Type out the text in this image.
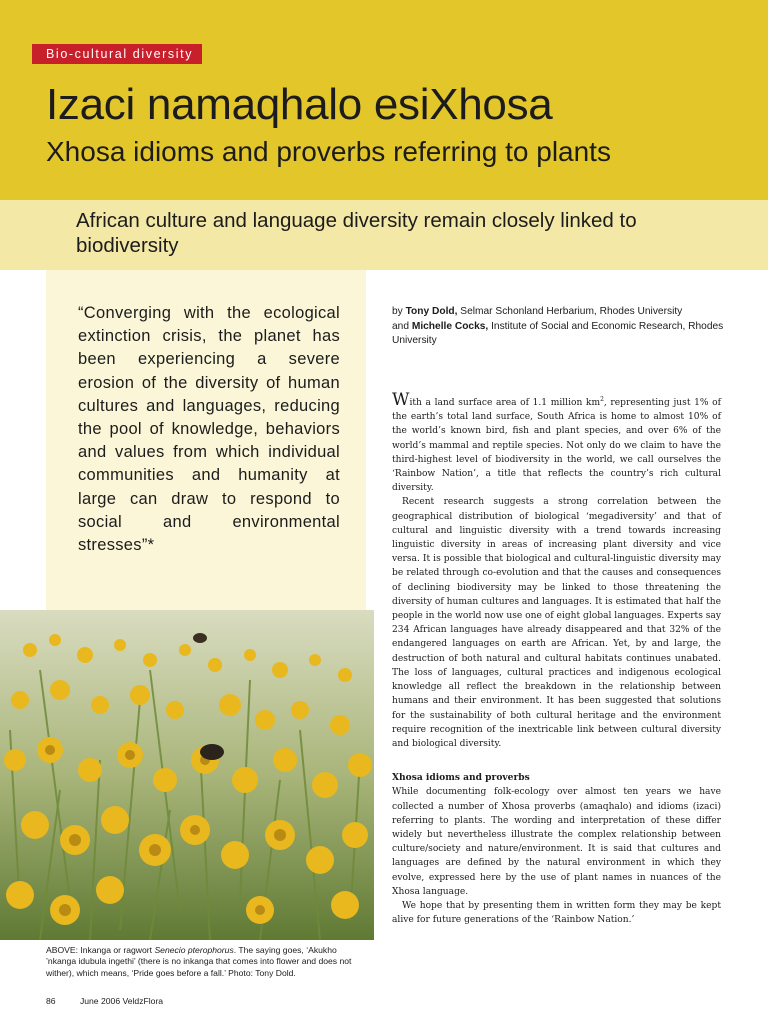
Bio-cultural diversity
Izaci namaqhalo esiXhosa
Xhosa idioms and proverbs referring to plants

African culture and language diversity remain closely linked to biodiversity

“Converging with the ecological extinction crisis, the planet has been experiencing a severe erosion of the diversity of human cultures and languages, reducing the pool of knowledge, behaviors and values from which individual communities and humanity at large can draw to respond to social and environmental stresses”*

by Tony Dold, Selmar Schonland Herbarium, Rhodes University
and Michelle Cocks, Institute of Social and Economic Research, Rhodes University

With a land surface area of 1.1 million $km^2$, representing just 1% of the earth’s total land surface, South Africa is home to almost 10% of the world’s known bird, fish and plant species, and over 6% of the world’s mammal and reptile species. Not only do we claim to have the third-highest level of biodiversity in the world, we call ourselves the ‘Rainbow Nation’, a title that reflects the country’s rich cultural diversity.

Recent research suggests a strong correlation between the geographical distribution of biological ‘megadiversity’ and that of cultural and linguistic diversity with a trend towards increasing linguistic diversity in areas of increasing plant diversity and vice versa. It is possible that biological and cultural-linguistic diversity may be related through co-evolution and that the causes and consequences of declining biodiversity may be linked to those threatening the diversity of human cultures and languages. It is estimated that half the people in the world now use one of eight global languages. Experts say 234 African languages have already disappeared and that 32% of the endangered languages on earth are African. Yet, by and large, the destruction of both natural and cultural habitats continues unabated. The loss of languages, cultural practices and indigenous ecological knowledge all reflect the breakdown in the relationship between humans and their environment. It has been suggested that solutions for the sustainability of both cultural heritage and the environment require recognition of the inextricable link between cultural diversity and biological diversity.

Xhosa idioms and proverbs

While documenting folk-ecology over almost ten years we have collected a number of Xhosa proverbs (amaqhalo) and idioms (izaci) referring to plants. The wording and interpretation of these differ widely but nevertheless illustrate the complex relationship between culture/society and nature/environment. It is said that cultures and languages are defined by the natural environment in which they evolve, expressed here by the use of plant names in nuances of the Xhosa language.

We hope that by presenting them in written form they may be kept alive for future generations of the ‘Rainbow Nation.’

ABOVE: Inkanga or ragwort Senecio pterophorus. The saying goes, ‘Akukho ’nkanga idubula ingethi’ (there is no inkanga that comes into flower and does not wither), which means, ‘Pride goes before a fall.’ Photo: Tony Dold.

86	June 2006 VeldzFlora
